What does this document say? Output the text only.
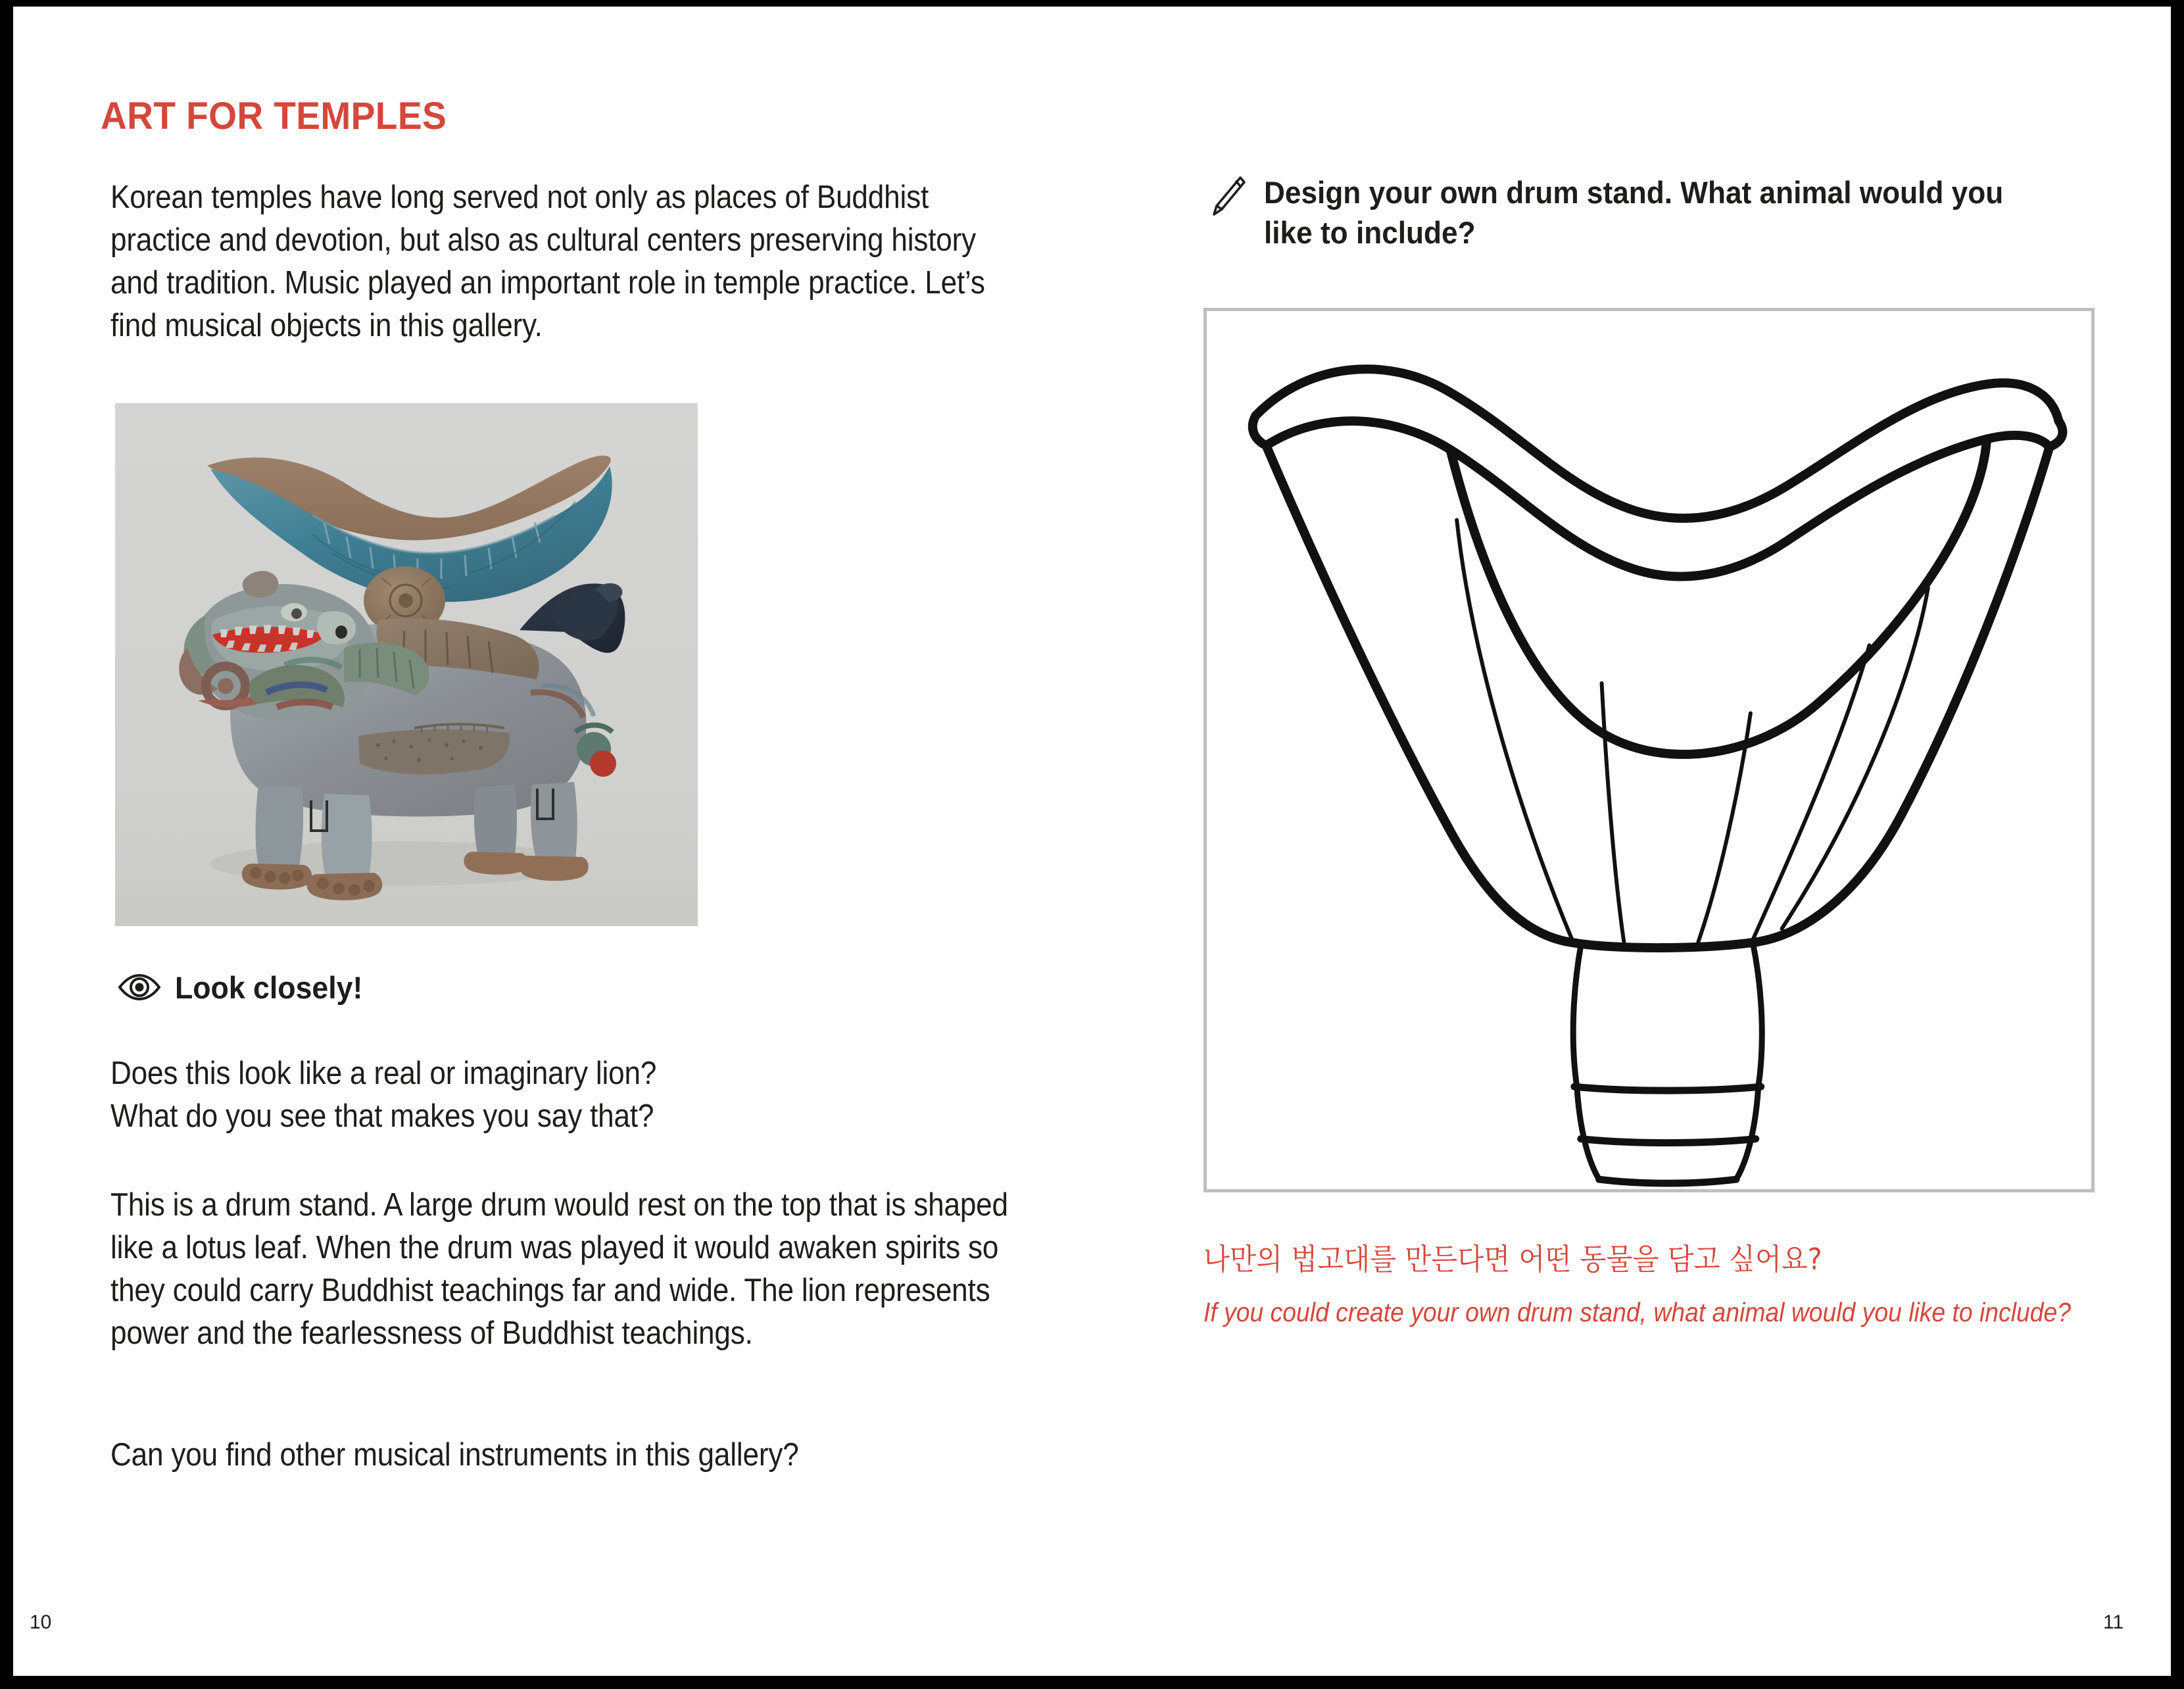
ART FOR TEMPLES
Korean temples have long served not only as places of Buddhist practice and devotion, but also as cultural centers preserving history and tradition. Music played an important role in temple practice. Let’s find musical objects in this gallery.
Look closely!
Does this look like a real or imaginary lion?
What do you see that makes you say that?
This is a drum stand. A large drum would rest on the top that is shaped like a lotus leaf. When the drum was played it would awaken spirits so they could carry Buddhist teachings far and wide. The lion represents power and the fearlessness of Buddhist teachings.
Can you find other musical instruments in this gallery?
Design your own drum stand. What animal would you like to include?
나만의 법고대를 만든다면 어떤 동물을 담고 싶어요?
If you could create your own drum stand, what animal would you like to include?
10	11
